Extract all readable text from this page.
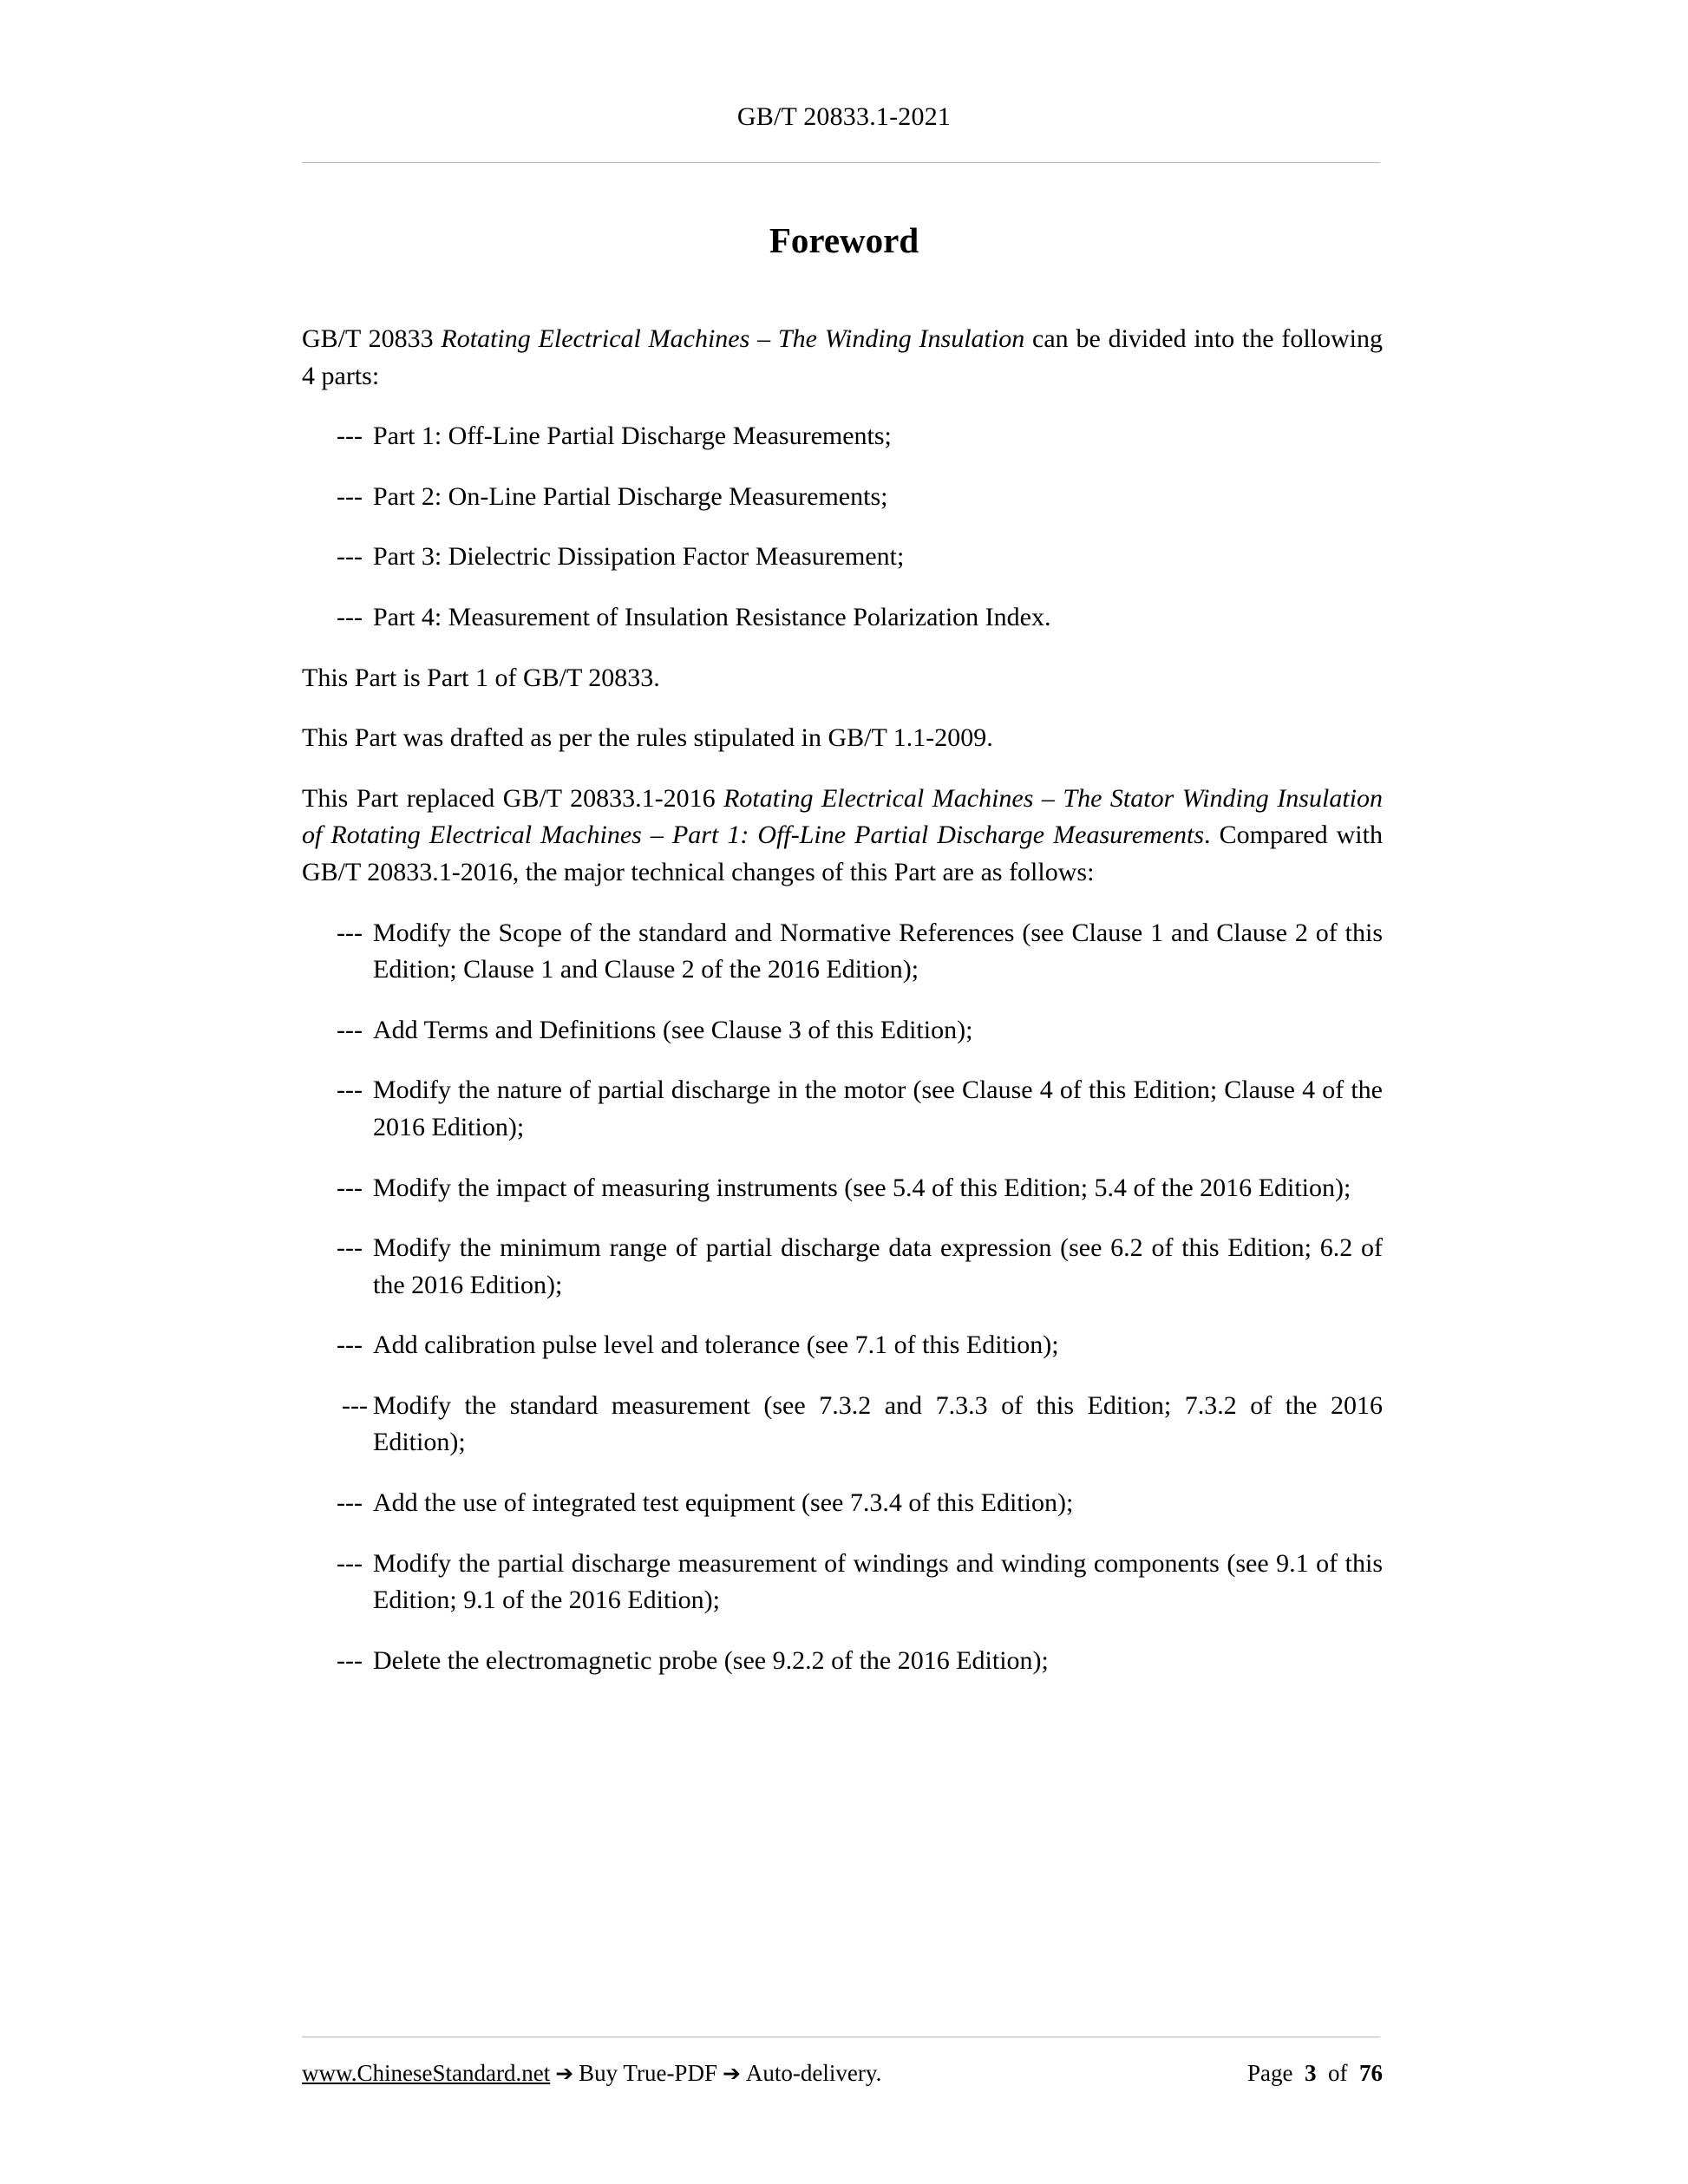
GB/T 20833.1-2021
Foreword

GB/T 20833 Rotating Electrical Machines – The Winding Insulation can be divided into the following 4 parts:

--- Part 1: Off-Line Partial Discharge Measurements;

--- Part 2: On-Line Partial Discharge Measurements;

--- Part 3: Dielectric Dissipation Factor Measurement;

--- Part 4: Measurement of Insulation Resistance Polarization Index.

This Part is Part 1 of GB/T 20833.

This Part was drafted as per the rules stipulated in GB/T 1.1-2009.

This Part replaced GB/T 20833.1-2016 Rotating Electrical Machines – The Stator Winding Insulation of Rotating Electrical Machines – Part 1: Off-Line Partial Discharge Measurements. Compared with GB/T 20833.1-2016, the major technical changes of this Part are as follows:

--- Modify the Scope of the standard and Normative References (see Clause 1 and Clause 2 of this Edition; Clause 1 and Clause 2 of the 2016 Edition);

--- Add Terms and Definitions (see Clause 3 of this Edition);

--- Modify the nature of partial discharge in the motor (see Clause 4 of this Edition; Clause 4 of the 2016 Edition);

--- Modify the impact of measuring instruments (see 5.4 of this Edition; 5.4 of the 2016 Edition);

--- Modify the minimum range of partial discharge data expression (see 6.2 of this Edition; 6.2 of the 2016 Edition);

--- Add calibration pulse level and tolerance (see 7.1 of this Edition);

--- Modify the standard measurement (see 7.3.2 and 7.3.3 of this Edition; 7.3.2 of the 2016 Edition);

--- Add the use of integrated test equipment (see 7.3.4 of this Edition);

--- Modify the partial discharge measurement of windings and winding components (see 9.1 of this Edition; 9.1 of the 2016 Edition);

--- Delete the electromagnetic probe (see 9.2.2 of the 2016 Edition);

www.ChineseStandard.net ➔ Buy True-PDF ➔ Auto-delivery.	Page 3 of 76
